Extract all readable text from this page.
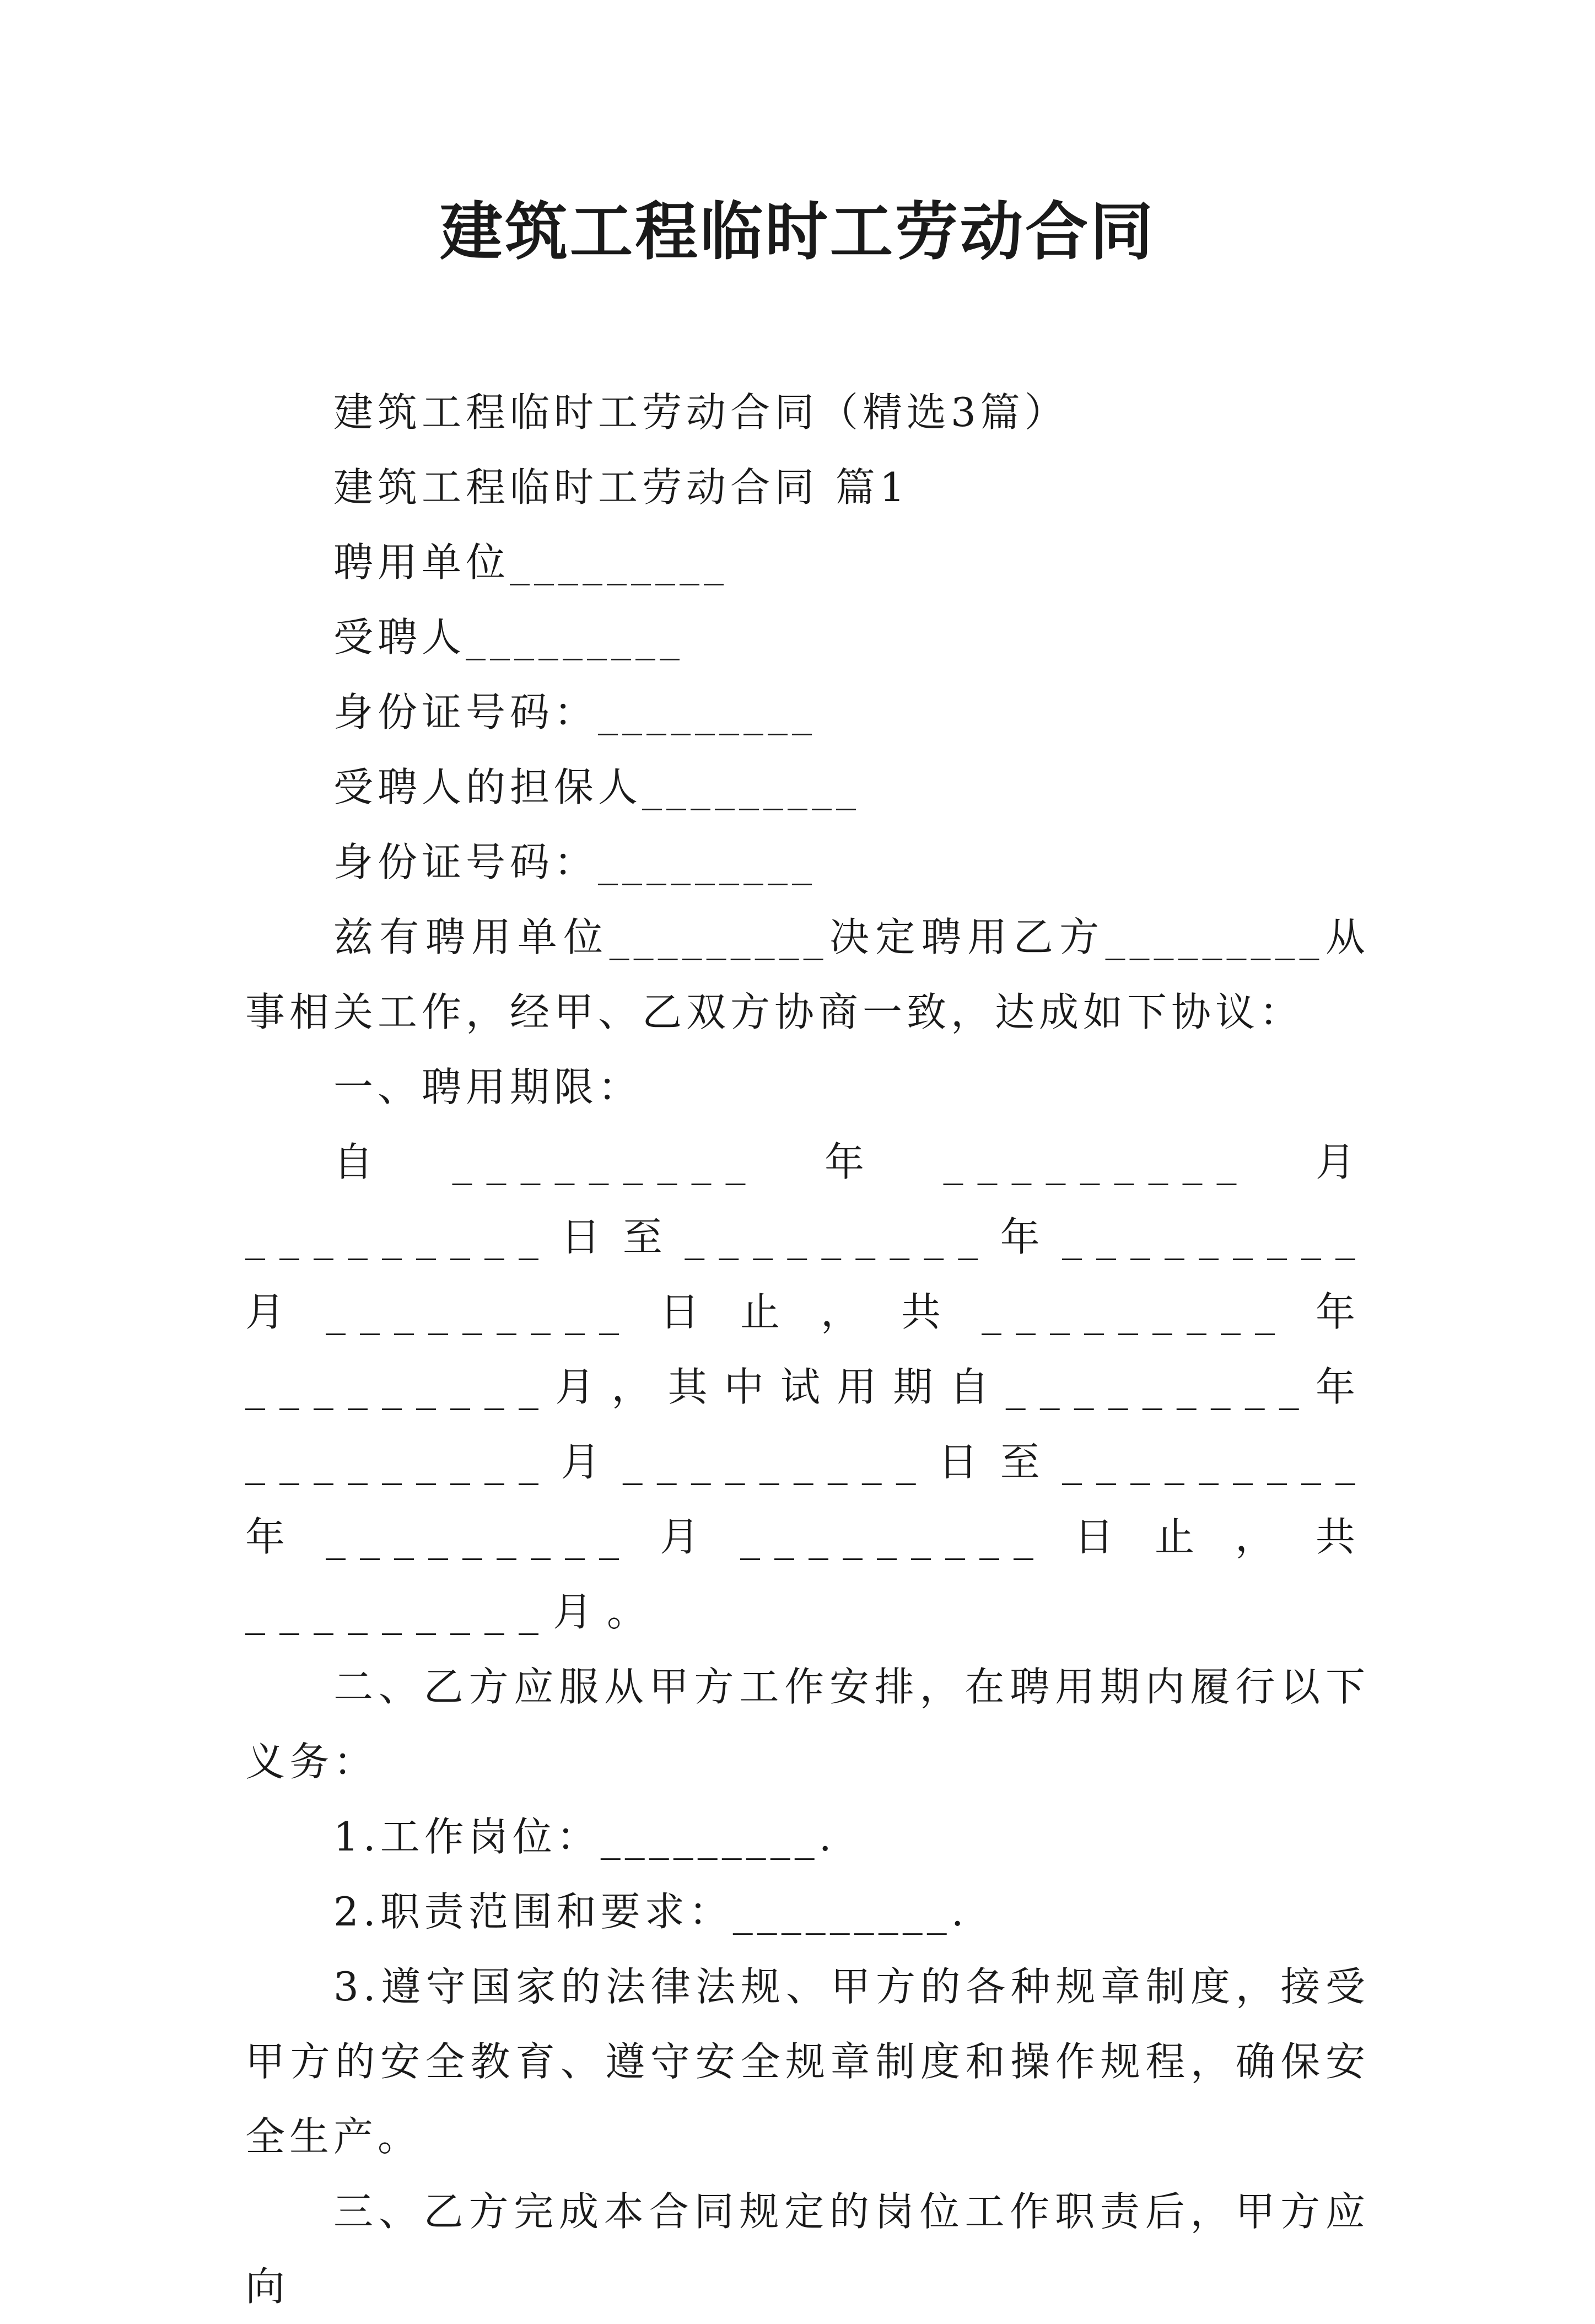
建筑工程临时工劳动合同

建筑工程临时工劳动合同（精选3篇）

建筑工程临时工劳动合同 篇1

聘用单位_________

受聘人_________

身份证号码：_________

受聘人的担保人_________

身份证号码：_________

兹有聘用单位_________决定聘用乙方_________从事相关工作，经甲、乙双方协商一致，达成如下协议：

一、聘用期限：

自_________年_________月_________日至_________年_________月_________日止，共_________年_________月，其中试用期自_________年_________月_________日至_________年_________月_________日止，共_________月。

二、乙方应服从甲方工作安排，在聘用期内履行以下义务：

1.工作岗位：_________.

2.职责范围和要求：_________.

3.遵守国家的法律法规、甲方的各种规章制度，接受甲方的安全教育、遵守安全规章制度和操作规程，确保安全生产。

三、乙方完成本合同规定的岗位工作职责后，甲方应向
